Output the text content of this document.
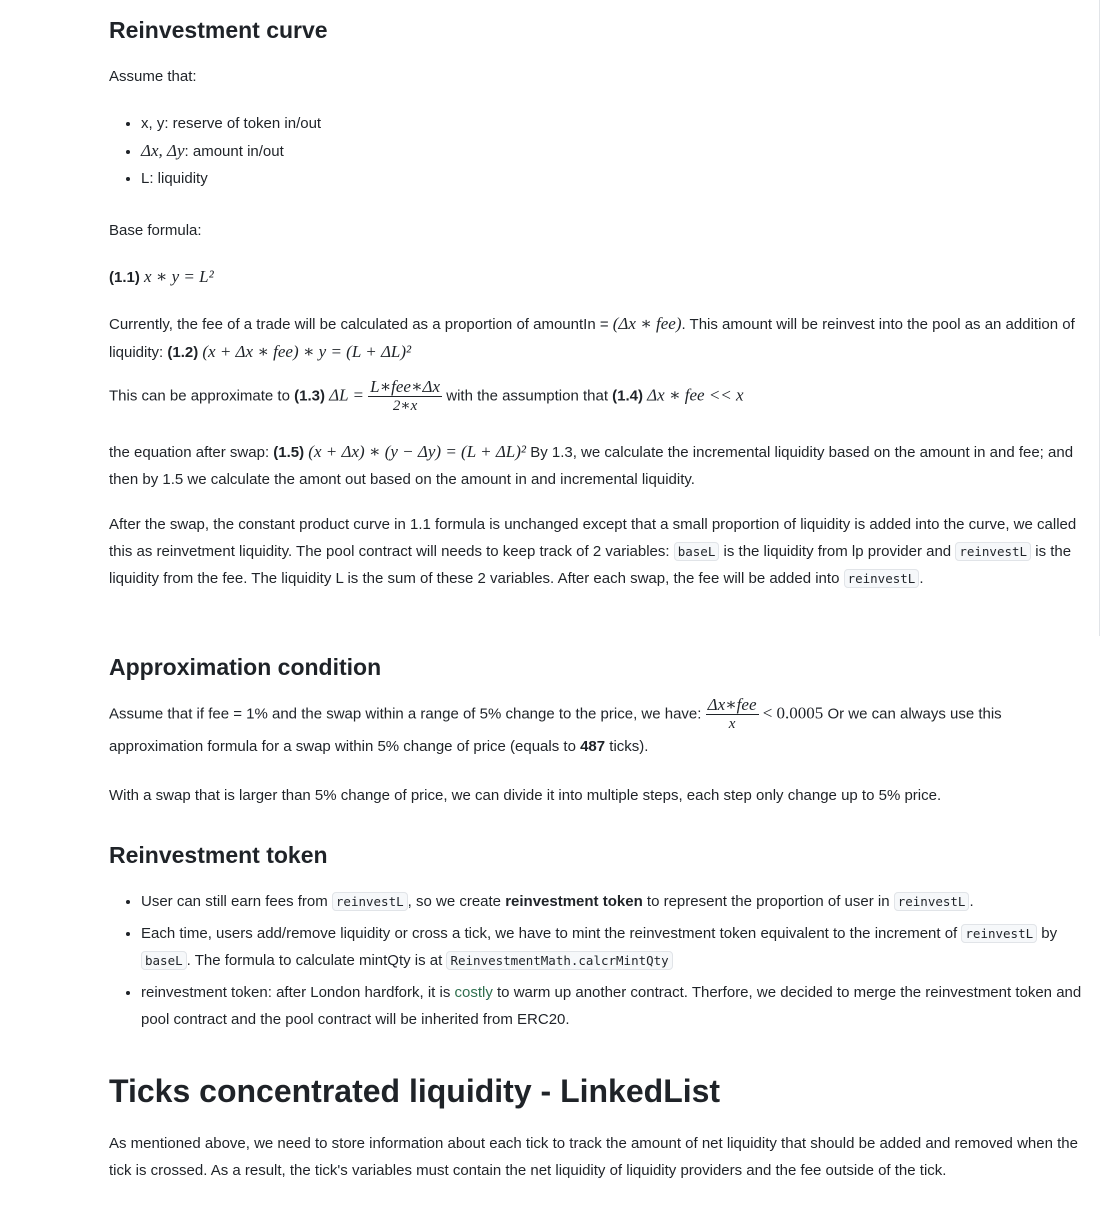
Reinvestment curve

Assume that:

• x, y: reserve of token in/out
• Δx, Δy: amount in/out
• L: liquidity

Base formula:

(1.1) x ∗ y = L²

Currently, the fee of a trade will be calculated as a proportion of amountIn = (Δx ∗ fee). This amount will be reinvest into the pool as an addition of liquidity: (1.2) (x + Δx ∗ fee) ∗ y = (L + ΔL)²

This can be approximate to (1.3) $\Delta L = \frac{\text{L∗fee∗Δx}}{2∗x}$ with the assumption that (1.4) Δx ∗ fee << x

the equation after swap: (1.5) (x + Δx) ∗ (y − Δy) = (L + ΔL)² By 1.3, we calculate the incremental liquidity based on the amount in and fee; and then by 1.5 we calculate the amont out based on the amount in and incremental liquidity.

After the swap, the constant product curve in 1.1 formula is unchanged except that a small proportion of liquidity is added into the curve, we called this as reinvetment liquidity. The pool contract will needs to keep track of 2 variables: baseL is the liquidity from lp provider and reinvestL is the liquidity from the fee. The liquidity L is the sum of these 2 variables. After each swap, the fee will be added into reinvestL .

Approximation condition

Assume that if fee = 1% and the swap within a range of 5% change to the price, we have: $\frac{\text{Δx∗fee}}{x} < 0.0005$ Or we can always use this approximation formula for a swap within 5% change of price (equals to 487 ticks).

With a swap that is larger than 5% change of price, we can divide it into multiple steps, each step only change up to 5% price.

Reinvestment token
• User can still earn fees from reinvestL , so we create reinvestment token to represent the proportion of user in reinvestL .
• Each time, users add/remove liquidity or cross a tick, we have to mint the reinvestment token equivalent to the increment of reinvestL by baseL . The formula to calculate mintQty is at ReinvestmentMath.calcrMintQty
• reinvestment token: after London hardfork, it is costly to warm up another contract. Therfore, we decided to merge the reinvestment token and pool contract and the pool contract will be inherited from ERC20.
Ticks concentrated liquidity - LinkedList

As mentioned above, we need to store information about each tick to track the amount of net liquidity that should be added and removed when the tick is crossed. As a result, the tick's variables must contain the net liquidity of liquidity providers and the fee outside of the tick.
